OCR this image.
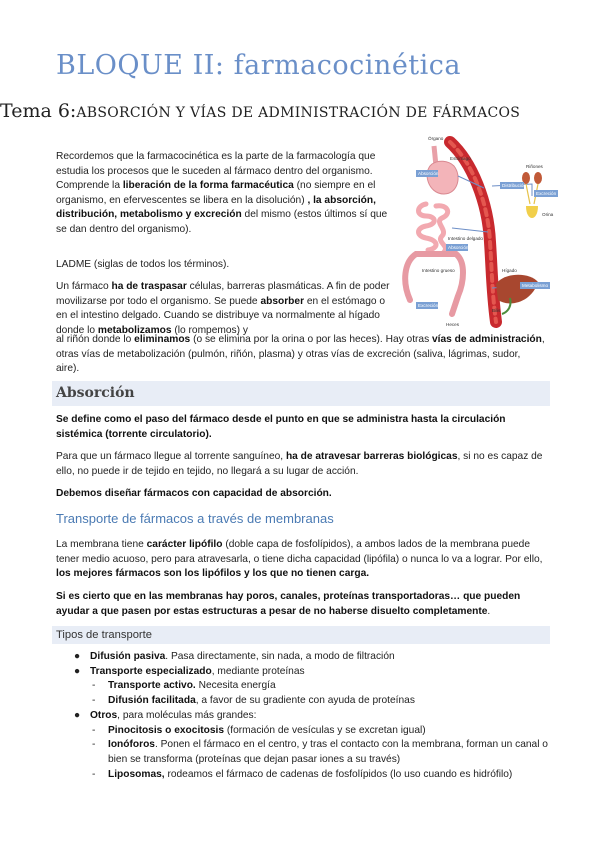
BLOQUE II: farmacocinética
Tema 6:ABSORCIÓN Y VÍAS DE ADMINISTRACIÓN DE FÁRMACOS
Órgano
Estómago
Absorción
Intestino delgado
Absorción
Distribución
Riñones
Excreción
Orina
Intestino grueso
Bilis
Hígado
Metabolismo
Excreción
Heces

Recordemos que la farmacocinética es la parte de la farmacología que estudia los procesos que le suceden al fármaco dentro del organismo. Comprende la liberación de la forma farmacéutica (no siempre en el organismo, en efervescentes se libera en la disolución) , la absorción, distribución, metabolismo y excreción del mismo (estos últimos sí que se dan dentro del organismo).

LADME (siglas de todos los términos).

Un fármaco ha de traspasar células, barreras plasmáticas. A fin de poder movilizarse por todo el organismo. Se puede absorber en el estómago o en el intestino delgado. Cuando se distribuye va normalmente al hígado donde lo metabolizamos (lo rompemos) y

al riñón donde lo eliminamos (o se elimina por la orina o por las heces). Hay otras vías de administración, otras vías de metabolización (pulmón, riñón, plasma) y otras vías de excreción (saliva, lágrimas, sudor, aire).

Absorción

Se define como el paso del fármaco desde el punto en que se administra hasta la circulación sistémica (torrente circulatorio).

Para que un fármaco llegue al torrente sanguíneo, ha de atravesar barreras biológicas, si no es capaz de ello, no puede ir de tejido en tejido, no llegará a su lugar de acción.

Debemos diseñar fármacos con capacidad de absorción.

Transporte de fármacos a través de membranas

La membrana tiene carácter lipófilo (doble capa de fosfolípidos), a ambos lados de la membrana puede tener medio acuoso, pero para atravesarla, o tiene dicha capacidad (lipófila) o nunca lo va a lograr. Por ello, los mejores fármacos son los lipófilos y los que no tienen carga.

Si es cierto que en las membranas hay poros, canales, proteínas transportadoras… que pueden ayudar a que pasen por estas estructuras a pesar de no haberse disuelto completamente.

Tipos de transporte
● Difusión pasiva. Pasa directamente, sin nada, a modo de filtración
● Transporte especializado, mediante proteínas
- Transporte activo. Necesita energía
- Difusión facilitada, a favor de su gradiente con ayuda de proteínas
● Otros, para moléculas más grandes:
- Pinocitosis o exocitosis (formación de vesículas y se excretan igual)
- Ionóforos. Ponen el fármaco en el centro, y tras el contacto con la membrana, forman un canal o bien se transforma (proteínas que dejan pasar iones a su través)
- Liposomas, rodeamos el fármaco de cadenas de fosfolípidos (lo uso cuando es hidrófilo)
